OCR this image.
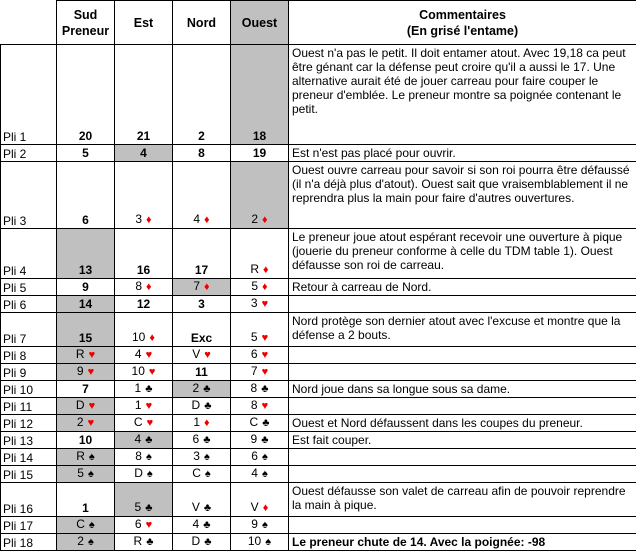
	Sud
Preneur	Est	Nord	Ouest	Commentaires
(En grisé l'entame)
Pli 1	20	21	2	18	Ouest n'a pas le petit. Il doit entamer atout. Avec 19,18 ca peut être génant car la défense peut croire qu'il a aussi le 17. Une alternative aurait été de jouer carreau pour faire couper le preneur d'emblée. Le preneur montre sa poignée contenant le petit.
Pli 2	5	4	8	19	Est n'est pas placé pour ouvrir.
Pli 3	6	3 ♦	4 ♦	2 ♦	Ouest ouvre carreau pour savoir si son roi pourra être défaussé (il n'a déjà plus d'atout). Ouest sait que vraisemblablement il ne reprendra plus la main pour faire d'autres ouvertures.
Pli 4	13	16	17	R ♦	Le preneur joue atout espérant recevoir une ouverture à pique (jouerie du preneur conforme à celle du TDM table 1). Ouest défausse son roi de carreau.
Pli 5	9	8 ♦	7 ♦	5 ♦	Retour à carreau de Nord.
Pli 6	14	12	3	3 ♥	
Pli 7	15	10 ♦	Exc	5 ♥	Nord protège son dernier atout avec l'excuse et montre que la défense a 2 bouts.
Pli 8	R ♥	4 ♥	V ♥	6 ♥	
Pli 9	9 ♥	10 ♥	11	7 ♥	
Pli 10	7	1 ♣	2 ♣	8 ♣	Nord joue dans sa longue sous sa dame.
Pli 11	D ♥	1 ♥	D ♣	8 ♥	
Pli 12	2 ♥	C ♥	1 ♦	C ♣	Ouest et Nord défaussent dans les coupes du preneur.
Pli 13	10	4 ♣	6 ♣	9 ♣	Est fait couper.
Pli 14	R ♠	8 ♠	3 ♠	6 ♠	
Pli 15	5 ♠	D ♠	C ♠	4 ♠	
Pli 16	1	5 ♣	V ♣	V ♦	Ouest défausse son valet de carreau afin de pouvoir reprendre la main à pique.
Pli 17	C ♠	6 ♥	4 ♣	9 ♠	
Pli 18	2 ♠	R ♣	D ♣	10 ♠	Le preneur chute de 14. Avec la poignée: -98
